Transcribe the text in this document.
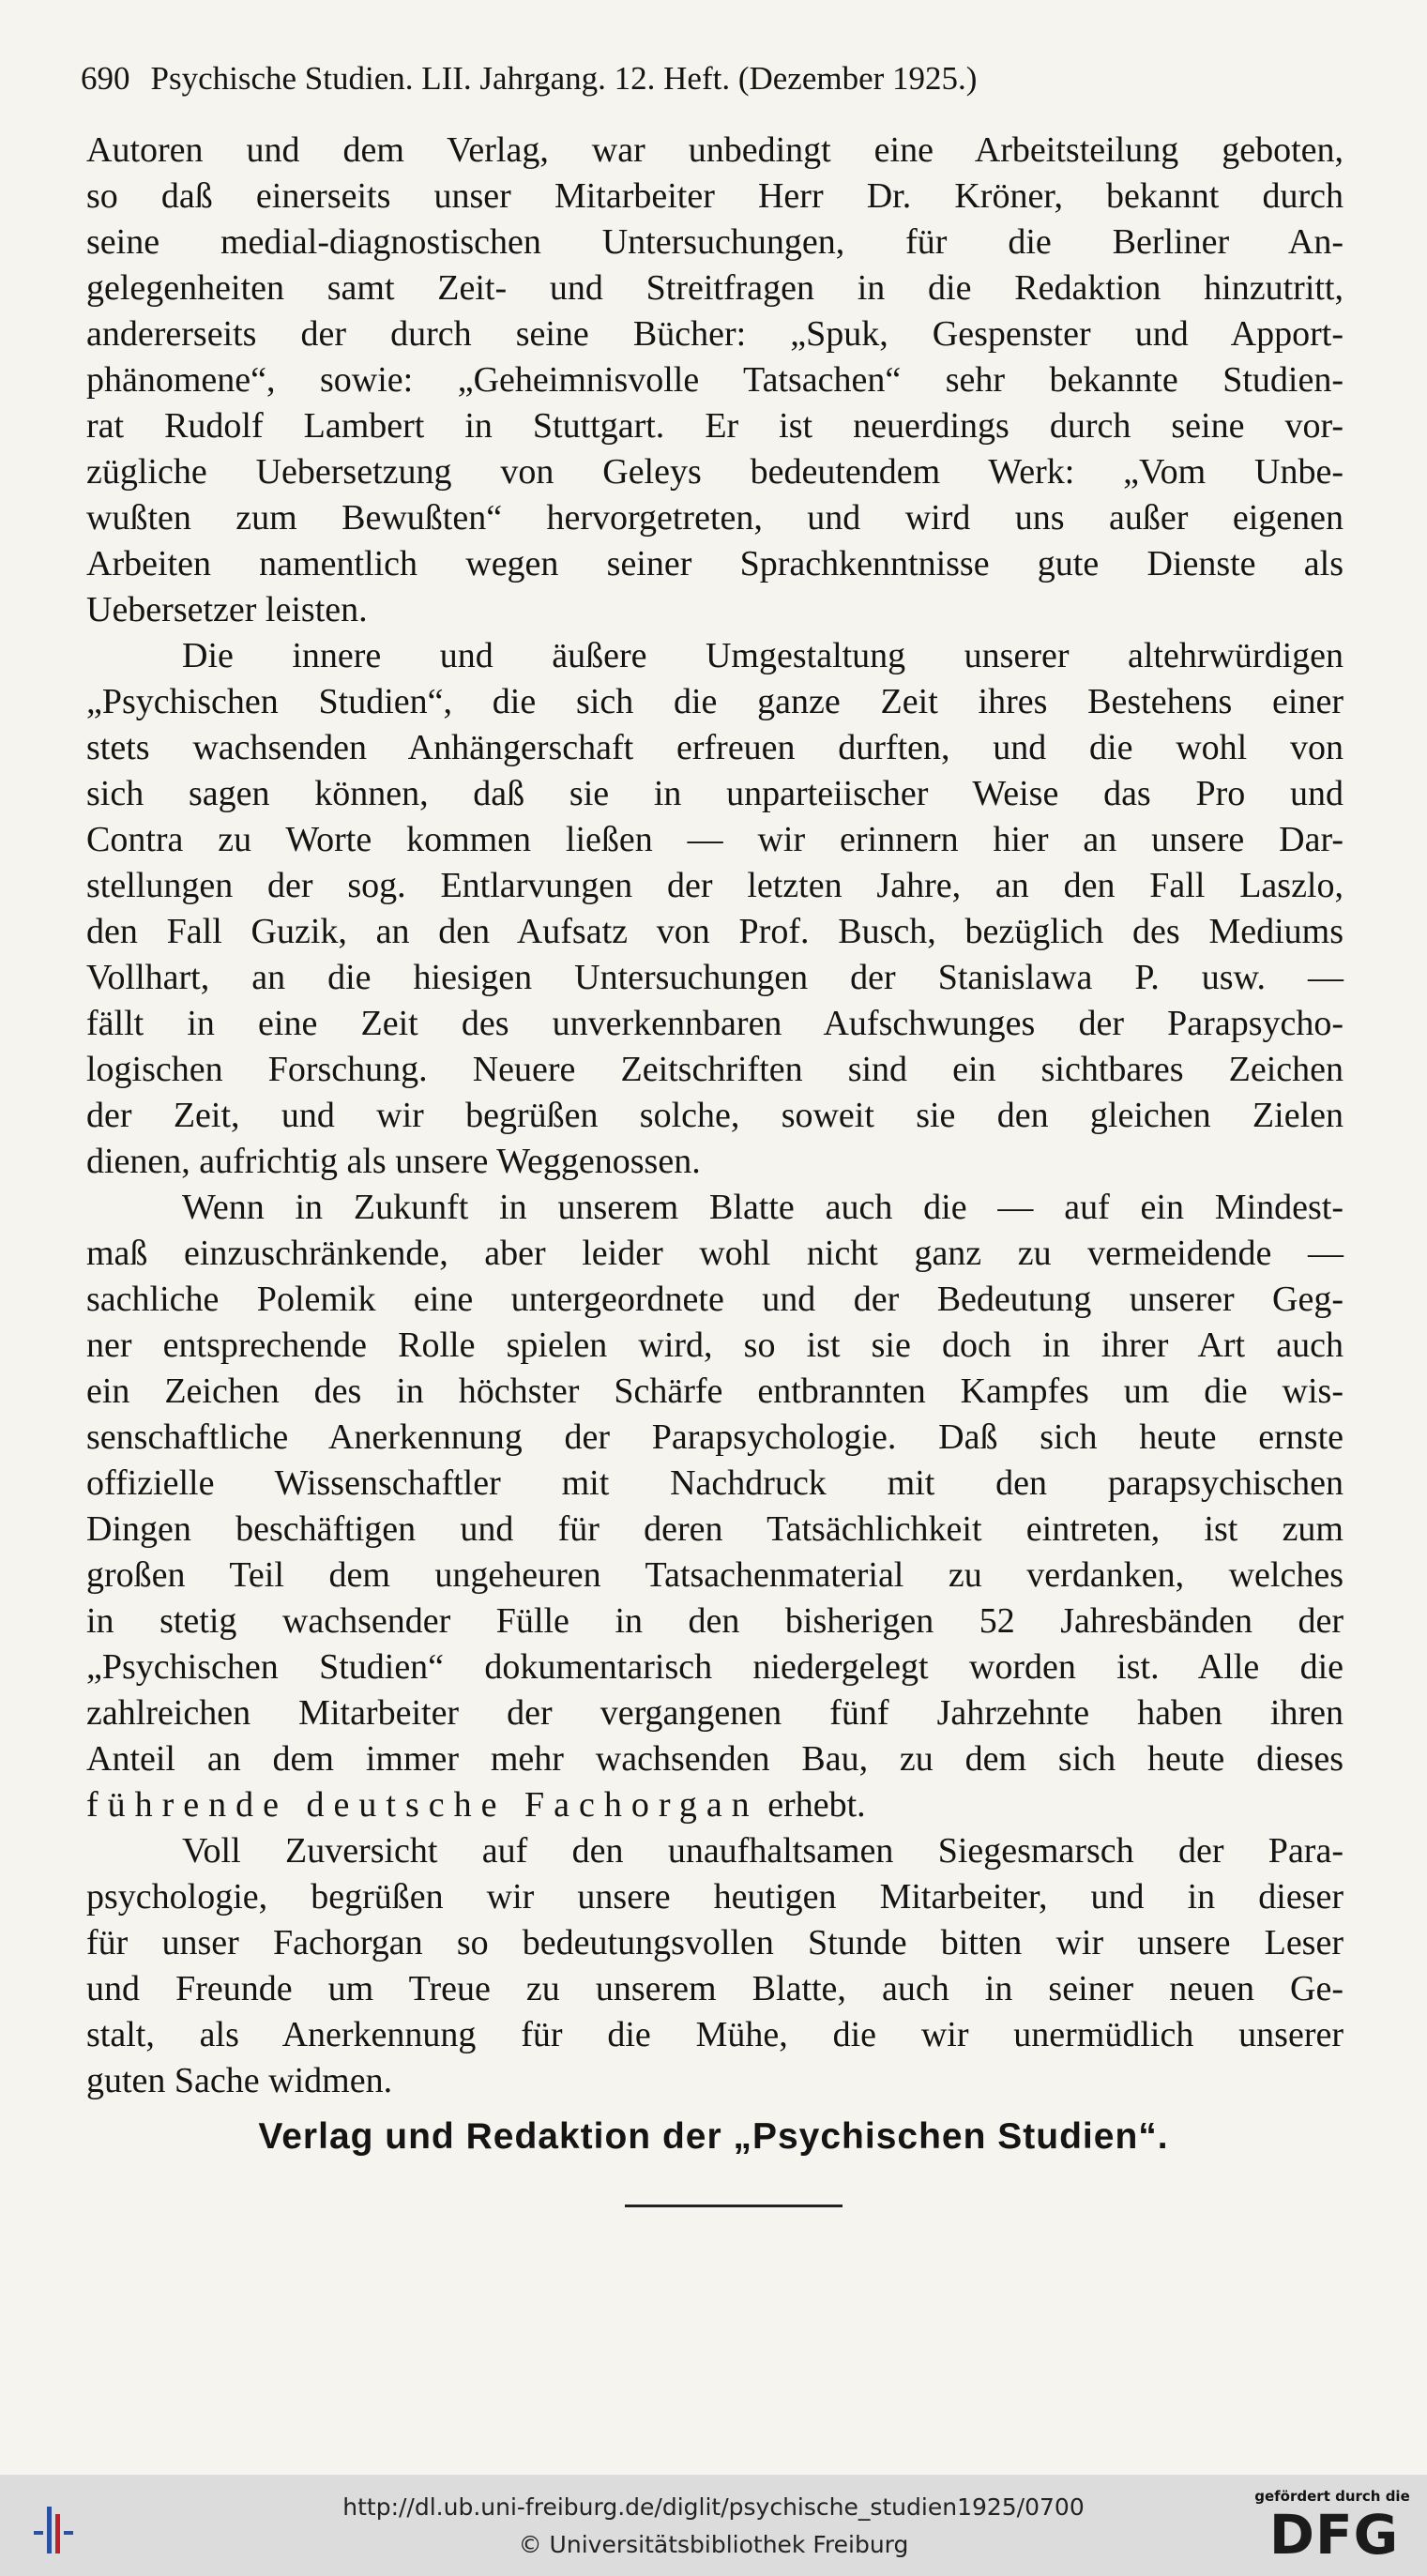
690 Psychische Studien. LII. Jahrgang. 12. Heft. (Dezember 1925.)
Autoren und dem Verlag, war unbedingt eine Arbeitsteilung geboten,
so daß einerseits unser Mitarbeiter Herr Dr. Kröner, bekannt durch
seine medial-diagnostischen Untersuchungen, für die Berliner An-
gelegenheiten samt Zeit- und Streitfragen in die Redaktion hinzutritt,
andererseits der durch seine Bücher: „Spuk, Gespenster und Apport-
phänomene“, sowie: „Geheimnisvolle Tatsachen“ sehr bekannte Studien-
rat Rudolf Lambert in Stuttgart. Er ist neuerdings durch seine vor-
zügliche Uebersetzung von Geleys bedeutendem Werk: „Vom Unbe-
wußten zum Bewußten“ hervorgetreten, und wird uns außer eigenen
Arbeiten namentlich wegen seiner Sprachkenntnisse gute Dienste als
Uebersetzer leisten.
Die innere und äußere Umgestaltung unserer altehrwürdigen
„Psychischen Studien“, die sich die ganze Zeit ihres Bestehens einer
stets wachsenden Anhängerschaft erfreuen durften, und die wohl von
sich sagen können, daß sie in unparteiischer Weise das Pro und
Contra zu Worte kommen ließen — wir erinnern hier an unsere Dar-
stellungen der sog. Entlarvungen der letzten Jahre, an den Fall Laszlo,
den Fall Guzik, an den Aufsatz von Prof. Busch, bezüglich des Mediums
Vollhart, an die hiesigen Untersuchungen der Stanislawa P. usw. —
fällt in eine Zeit des unverkennbaren Aufschwunges der Parapsycho-
logischen Forschung. Neuere Zeitschriften sind ein sichtbares Zeichen
der Zeit, und wir begrüßen solche, soweit sie den gleichen Zielen
dienen, aufrichtig als unsere Weggenossen.
Wenn in Zukunft in unserem Blatte auch die — auf ein Mindest-
maß einzuschränkende, aber leider wohl nicht ganz zu vermeidende —
sachliche Polemik eine untergeordnete und der Bedeutung unserer Geg-
ner entsprechende Rolle spielen wird, so ist sie doch in ihrer Art auch
ein Zeichen des in höchster Schärfe entbrannten Kampfes um die wis-
senschaftliche Anerkennung der Parapsychologie. Daß sich heute ernste
offizielle Wissenschaftler mit Nachdruck mit den parapsychischen
Dingen beschäftigen und für deren Tatsächlichkeit eintreten, ist zum
großen Teil dem ungeheuren Tatsachenmaterial zu verdanken, welches
in stetig wachsender Fülle in den bisherigen 52 Jahresbänden der
„Psychischen Studien“ dokumentarisch niedergelegt worden ist. Alle die
zahlreichen Mitarbeiter der vergangenen fünf Jahrzehnte haben ihren
Anteil an dem immer mehr wachsenden Bau, zu dem sich heute dieses
führende deutsche Fachorgan erhebt.
Voll Zuversicht auf den unaufhaltsamen Siegesmarsch der Para-
psychologie, begrüßen wir unsere heutigen Mitarbeiter, und in dieser
für unser Fachorgan so bedeutungsvollen Stunde bitten wir unsere Leser
und Freunde um Treue zu unserem Blatte, auch in seiner neuen Ge-
stalt, als Anerkennung für die Mühe, die wir unermüdlich unserer
guten Sache widmen.
Verlag und Redaktion der „Psychischen Studien“.
http://dl.ub.uni-freiburg.de/diglit/psychische_studien1925/0700
© Universitätsbibliothek Freiburg
gefördert durch die
DFG
